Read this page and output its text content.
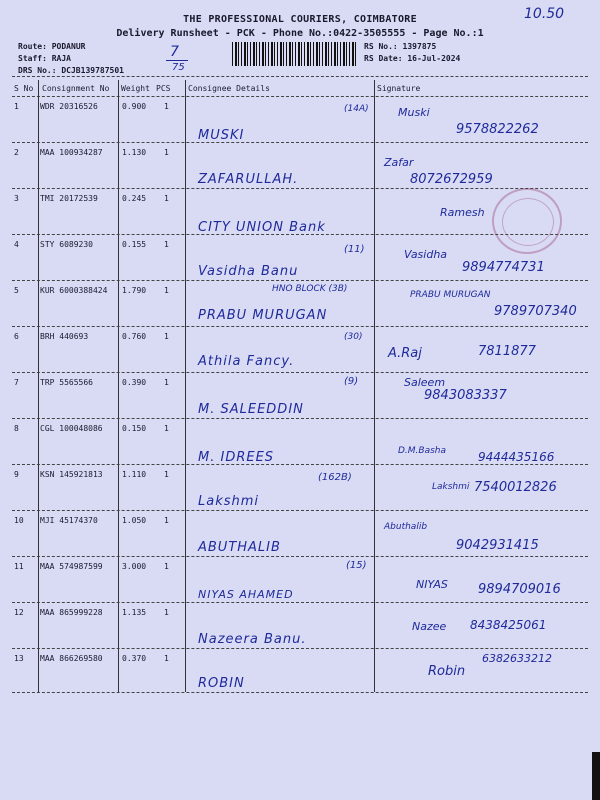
THE PROFESSIONAL COURIERS, COIMBATORE
Delivery Runsheet - PCK - Phone No.:0422-3505555 - Page No.:1
10.50
Route: PODANUR
Staff: RAJA
DRS No.: DCJB139787501
7
75
RS No.: 1397875
RS Date: 16-Jul-2024
S No Consignment No Weight PCS Consignee Details	Signature
1	WDR 20316526	0.900 1
MUSKI
(14A)	Muski
9578822262
2	MAA 100934287 1.130 1
ZAFARULLAH.
Zafar
8072672959
3	TMI 20172539	0.245 1
CITY UNION Bank
Ramesh
4	STY 6089230	0.155 1
Vasidha Banu
(11)	Vasidha
9894774731
5	KUR 6000388424 1.790 1	HNO BLOCK (3B)
PRABU MURUGAN
PRABU MURUGAN
9789707340
6	BRH 440693	0.760 1
Athila Fancy.
(30)
A.Raj	7811877
7	TRP 5565566	0.390 1	(9)
M. SALEEDDIN
Saleem
9843083337
8	CGL 100048086 0.150 1
M. IDREES	D.M.Basha	9444435166
9	KSN 145921813 1.110 1	(162B)
Lakshmi
Lakshmi 7540012826
10 MJI 45174370	1.050 1
ABUTHALIB
Abuthalib
9042931415
11 MAA 574987599 3.000 1	(15)
NIYAS AHAMED
NIYAS 9894709016
12 MAA 865999228 1.135 1
Nazeera Banu.
Nazee 8438425061
13 MAA 866269580 0.370 1
ROBIN
Robin
6382633212
